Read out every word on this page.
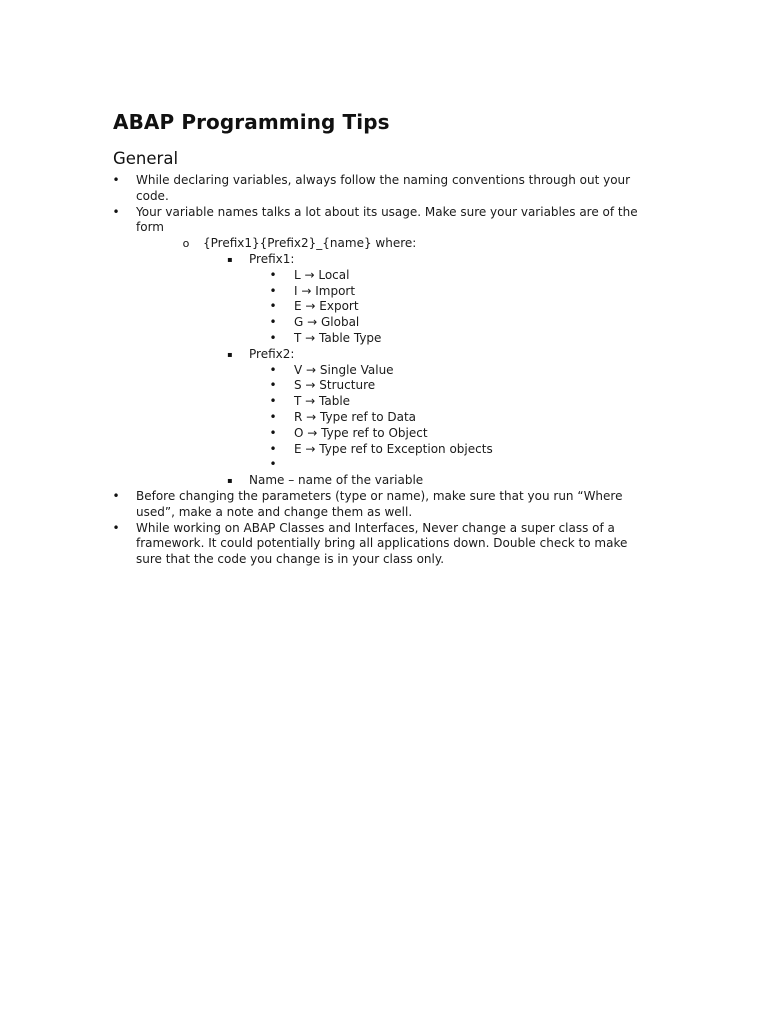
ABAP Programming Tips
General
• While declaring variables, always follow the naming conventions through out your code.
• Your variable names talks a lot about its usage. Make sure your variables are of the form
o	{Prefix1}{Prefix2}_{name} where:
▪	Prefix1:
• L → Local
• I → Import
• E → Export
• G → Global
• T → Table Type
▪	Prefix2:
• V → Single Value
• S → Structure
• T → Table
• R → Type ref to Data
• O → Type ref to Object
• E → Type ref to Exception objects
•
▪	Name – name of the variable
• Before changing the parameters (type or name), make sure that you run “Where used”, make a note and change them as well.
• While working on ABAP Classes and Interfaces, Never change a super class of a framework. It could potentially bring all applications down. Double check to make sure that the code you change is in your class only.
